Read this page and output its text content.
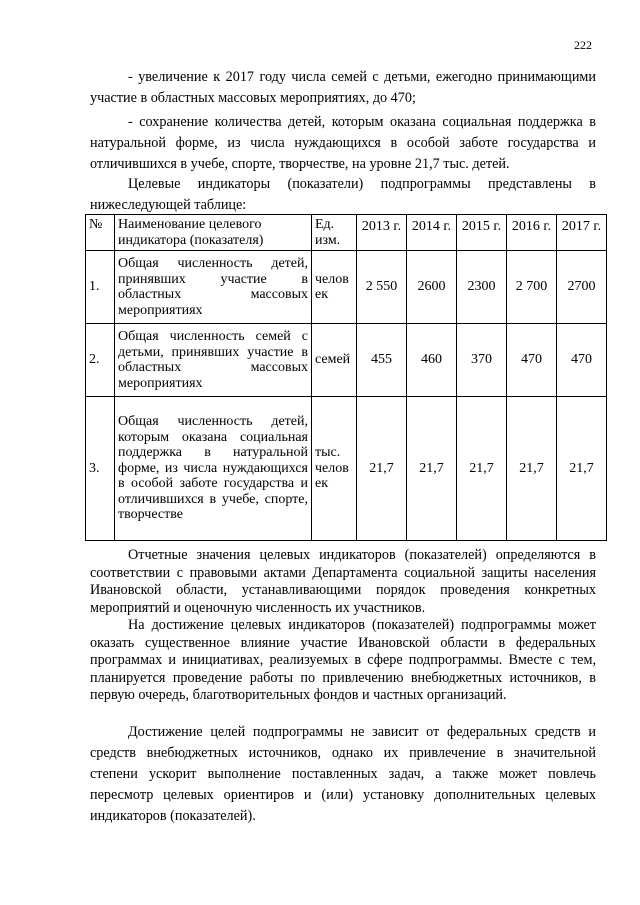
222

- увеличение к 2017 году числа семей с детьми, ежегодно принимающими участие в областных массовых мероприятиях, до 470;

- сохранение количества детей, которым оказана социальная поддержка в натуральной форме, из числа нуждающихся в особой заботе государства и отличившихся в учебе, спорте, творчестве, на уровне 21,7 тыс. детей.

Целевые индикаторы (показатели) подпрограммы представлены в нижеследующей таблице:

№	Наименование целевого индикатора (показателя)	Ед. изм.	2013 г.	2014 г.	2015 г.	2016 г.	2017 г.
1.	Общая численность детей, принявших участие в областных массовых мероприятиях	челов ек	2 550	2600	2300	2 700	2700
2.	Общая численность семей с детьми, принявших участие в областных массовых мероприятиях	семей	455	460	370	470	470
3.	Общая численность детей, которым оказана социальная поддержка в натуральной форме, из числа нуждающихся в особой заботе государства и отличившихся в учебе, спорте, творчестве	тыс. челов ек	21,7	21,7	21,7	21,7	21,7

Отчетные значения целевых индикаторов (показателей) определяются в соответствии с правовыми актами Департамента социальной защиты населения Ивановской области, устанавливающими порядок проведения конкретных мероприятий и оценочную численность их участников.

На достижение целевых индикаторов (показателей) подпрограммы может оказать существенное влияние участие Ивановской области в федеральных программах и инициативах, реализуемых в сфере подпрограммы. Вместе с тем, планируется проведение работы по привлечению внебюджетных источников, в первую очередь, благотворительных фондов и частных организаций.

Достижение целей подпрограммы не зависит от федеральных средств и средств внебюджетных источников, однако их привлечение в значительной степени ускорит выполнение поставленных задач, а также может повлечь пересмотр целевых ориентиров и (или) установку дополнительных целевых индикаторов (показателей).
